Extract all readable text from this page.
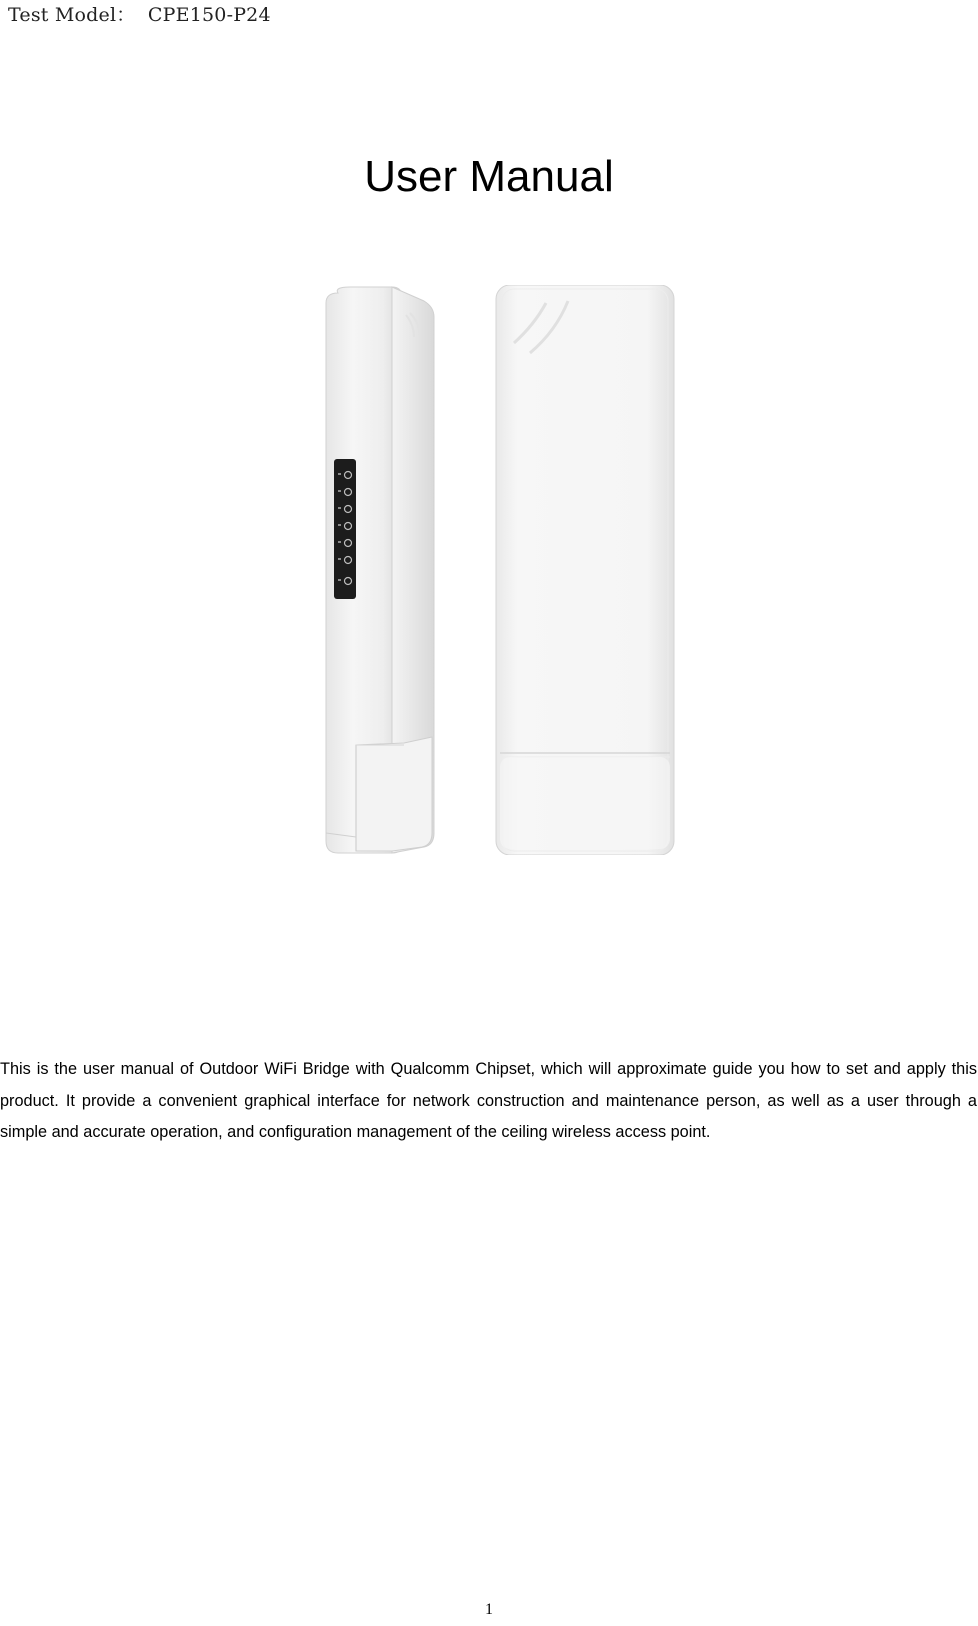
Test Model：  CPE150-P24
User Manual

This is the user manual of Outdoor WiFi Bridge with Qualcomm Chipset, which will approximate guide you how to set and apply this product. It provide a convenient graphical interface for network construction and maintenance person, as well as a user through a simple and accurate operation, and configuration management of the ceiling wireless access point.

1
